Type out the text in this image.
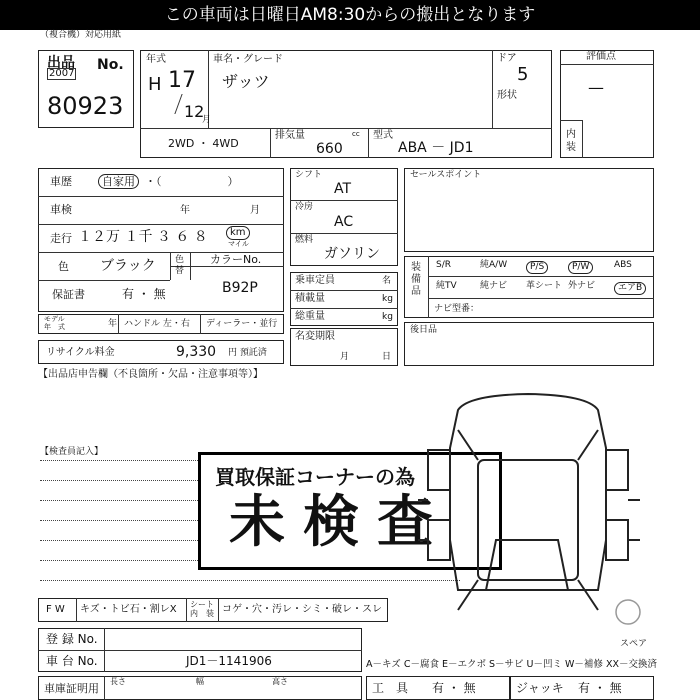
この車両は日曜日AM8:30からの搬出となります
（複合機）対応用紙
出品
2007
No.
80923
年式
H 17
12
月
車名・グレード
ザッツ
ドア
5
形状
2WD ・ 4WD
排気量	cc
660
型式
ABA － JD1
評価点
—
内
装
車歴	自家用 ・（　　　　　　）
車検	年	月
走行 １２万 １千 ３ ６ ８	km
マイル
色 ブラック 色
替
カラーNo.
B92P
保証書	有 ・ 無
モデル
年　式	年 ハンドル 左・右 ディーラー・並行
リサイクル料金	9,330 円 預託済
シフト
AT
冷房
AC
燃料
ガソリン
乗車定員	名
積載量	kg
総重量	kg
名変期限
月	日
セールスポイント
装備品
S/R	純A/W	P/S	P/W	ABS
純TV	純ナビ 革シート 外ナビ	エアB
ナビ型番：
後日品
【出品店申告欄（不良箇所・欠品・注意事項等）】
【検査員記入】
買取保証コーナーの為
未検査
スペア
F W キズ・トビ石・割レX シート
内　装 コゲ・穴・汚レ・シミ・破レ・スレ
登 録 No.
車 台 No.	JD1－1141906
車庫証明用
長さ	幅	高さ
A－キズ C－腐食 E－エクボ S－サビ U－凹ミ W－補修 XX－交換済
工　具 有 ・ 無	ジャッキ 有 ・ 無
